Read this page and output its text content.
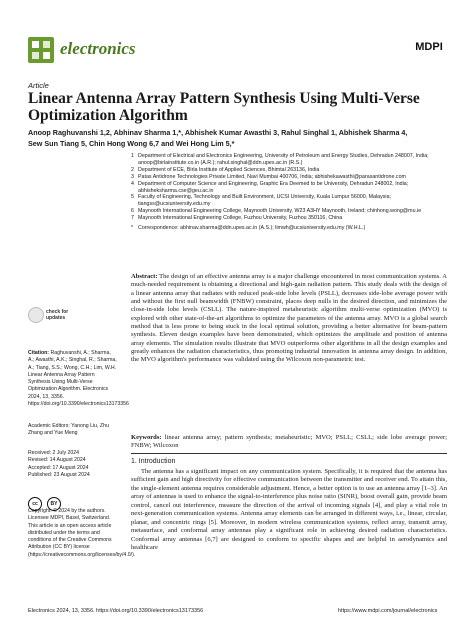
electronics	MDPI
Article
Linear Antenna Array Pattern Synthesis Using Multi-Verse Optimization Algorithm
Anoop Raghuvanshi 1,2, Abhinav Sharma 1,*, Abhishek Kumar Awasthi 3, Rahul Singhal 1, Abhishek Sharma 4,
Sew Sun Tiang 5, Chin Hong Wong 6,7 and Wei Hong Lim 5,*
1 Department of Electrical and Electronics Engineering, University of Petroleum and Energy Studies, Dehradun 248007, India; anoop@birlainstitute.co.in (A.R.); rahul.singhal@ddn.upes.ac.in (R.S.)
2 Department of ECE, Birla Institute of Applied Sciences, Bhimtal 263136, India
3 Patas Antidrone Technologies Private Limited, Navi Mumbai 400706, India; abhishekawasthi@parasantidrone.com
4 Department of Computer Science and Engineering, Graphic Era Deemed to be University, Dehradun 248002, India; abhisheksharma.cse@geu.ac.in
5 Faculty of Engineering, Technology and Built Environment, UCSI University, Kuala Lumpur 56000, Malaysia; tiangss@ucsiuniversity.edu.my
6 Maynooth International Engineering College, Maynooth University, W23 A3HY Maynooth, Ireland; chinhong.wong@mu.ie
7 Maynooth International Engineering College, Fuzhou University, Fuzhou 350116, China
* Correspondence: abhinav.sharma@ddn.upes.ac.in (A.S.); limwh@ucsiuniversity.edu.my (W.H.L.)
Abstract: The design of an effective antenna array is a major challenge encountered in most communication systems. A much-needed requirement is obtaining a directional and high-gain radiation pattern. This study deals with the design of a linear antenna array that radiates with reduced peak-side lobe levels (PSLL), decreases side-lobe average power with and without the first null beamwidth (FNBW) constraint, places deep nulls in the desired direction, and minimizes the close-in-side lobe levels (CSLL). The nature-inspired metaheuristic algorithm multi-verse optimization (MVO) is explored with other state-of-the-art algorithms to optimize the parameters of the antenna array. MVO is a global search method that is less prone to being stuck in the local optimal solution, providing a better alternative for beam-pattern synthesis. Eleven design examples have been demonstrated, which optimizes the amplitude and position of antenna array elements. The simulation results illustrate that MVO outperforms other algorithms in all the design examples and greatly enhances the radiation characteristics, thus promoting industrial innovation in antenna array design. In addition, the MVO algorithm's performance was validated using the Wilcoxon non-parametric test.
Keywords: linear antenna array; pattern synthesis; metaheuristic; MVO; PSLL; CSLL; side lobe average power; FNBW; Wilcoxon
1. Introduction
The antenna has a significant impact on any communication system. Specifically, it is required that the antenna has sufficient gain and high directivity for effective communication between the transmitter and receiver end. To attain this, the single-element antenna requires considerable adjustment. Hence, a better option is to use an antenna array [1–3]. An array of antennas is used to enhance the signal-to-interference plus noise ratio (SINR), boost overall gain, provide beam control, cancel out interference, measure the direction of the arrival of incoming signals [4], and play a vital role in next-generation communication systems. Antenna array elements can be arranged in different ways, i.e., linear, circular, planar, and concentric rings [5]. Moreover, in modern wireless communication systems, reflect array, transmit array, metasurface, and conformal array antennas play a significant role in achieving desired radiation characteristics. Conformal array antennas [6,7] are designed to conform to specific shapes and are helpful in aerodynamics and healthcare
check for
updates
Citation: Raghuvanshi, A.; Sharma, A.; Awasthi, A.K.; Singhal, R.; Sharma, A.; Tiang, S.S.; Wong, C.H.; Lim, W.H. Linear Antenna Array Pattern Synthesis Using Multi-Verse Optimization Algorithm. Electronics 2024, 13, 3356. https://doi.org/10.3390/electronics13173356
Academic Editors: Yanong Liu, Zhu Zhang and Yue Meng
Received: 2 July 2024
Revised: 14 August 2024
Accepted: 17 August 2024
Published: 23 August 2024
cc	BY
Copyright: © 2024 by the authors. Licensee MDPI, Basel, Switzerland. This article is an open access article distributed under the terms and conditions of the Creative Commons Attribution (CC BY) license (https://creativecommons.org/licenses/by/4.0/).
Electronics 2024, 13, 3356. https://doi.org/10.3390/electronics13173356	https://www.mdpi.com/journal/electronics
